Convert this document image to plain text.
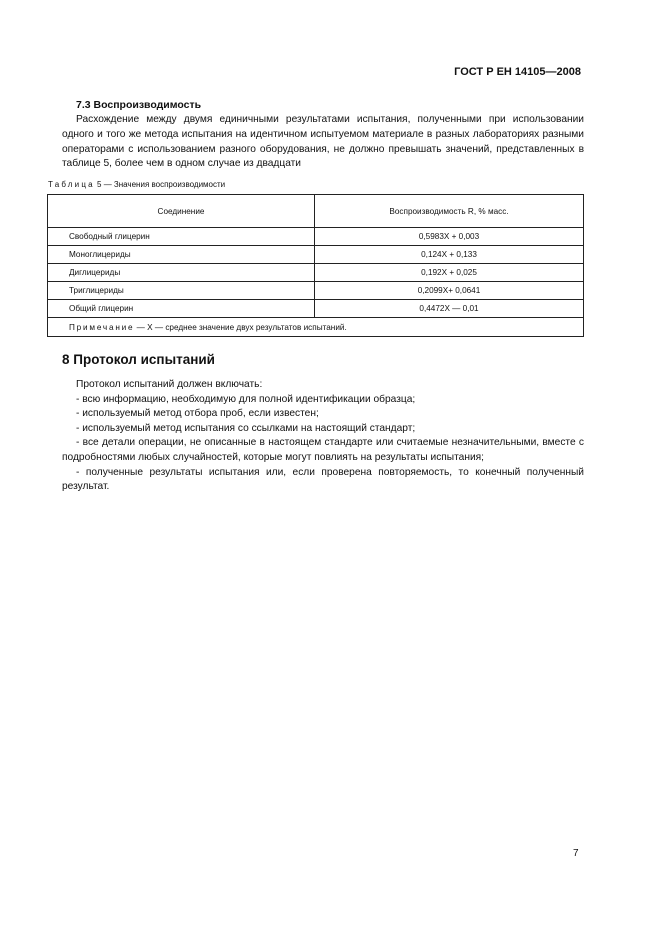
ГОСТ Р ЕН 14105—2008
7.3 Воспроизводимость
Расхождение между двумя единичными результатами испытания, полученными при использовании одного и того же метода испытания на идентичном испытуемом материале в разных лабораториях разными операторами с использованием разного оборудования, не должно превышать значений, представленных в таблице 5, более чем в одном случае из двадцати
Таблица 5 — Значения воспроизводимости
Соединение	Воспроизводимость R, % масс.
Свободный глицерин	0,5983X + 0,003
Моноглицериды	0,124X + 0,133
Диглицериды	0,192X + 0,025
Триглицериды	0,2099X+ 0,0641
Общий глицерин	0,4472X — 0,01
Примечание — X — среднее значение двух результатов испытаний.	
8 Протокол испытаний
Протокол испытаний должен включать:
- всю информацию, необходимую для полной идентификации образца;
- используемый метод отбора проб, если известен;
- используемый метод испытания со ссылками на настоящий стандарт;
- все детали операции, не описанные в настоящем стандарте или считаемые незначительными, вместе с подробностями любых случайностей, которые могут повлиять на результаты испытания;
- полученные результаты испытания или, если проверена повторяемость, то конечный полученный результат.
7
